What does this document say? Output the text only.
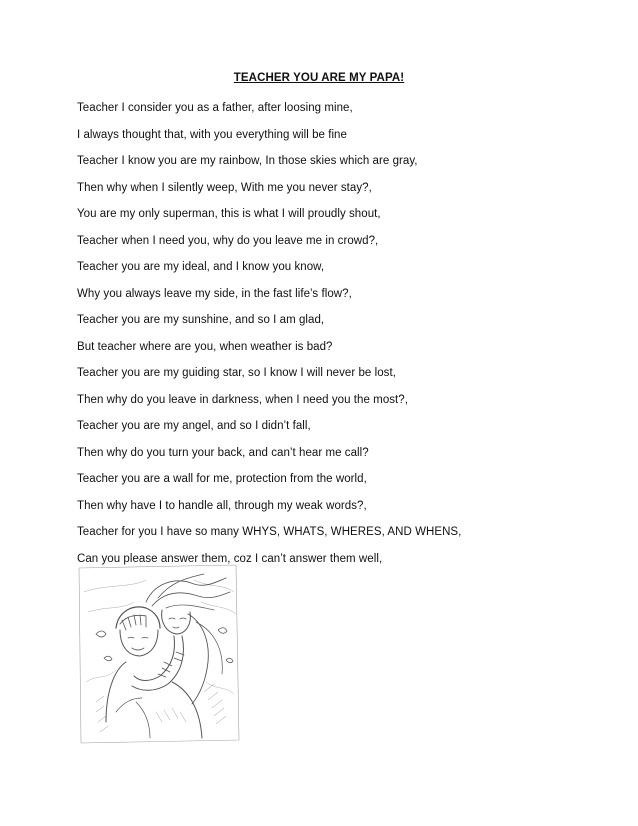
TEACHER YOU ARE MY PAPA!
Teacher I consider you as a father, after loosing mine,
I always thought that, with you everything will be fine
Teacher I know you are my rainbow, In those skies which are gray,
Then why when I silently weep, With me you never stay?,
You are my only superman, this is what I will proudly shout,
Teacher when I need you, why do you leave me in crowd?,
Teacher you are my ideal, and I know you know,
Why you always leave my side, in the fast life’s flow?,
Teacher you are my sunshine, and so I am glad,
But teacher where are you, when weather is bad?
Teacher you are my guiding star, so I know I will never be lost,
Then why do you leave in darkness, when I need you the most?,
Teacher you are my angel, and so I didn’t fall,
Then why do you turn your back, and can’t hear me call?
Teacher you are a wall for me, protection from the world,
Then why have I to handle all, through my weak words?,
Teacher for you I have so many WHYS, WHATS, WHERES, AND WHENS,
Can you please answer them, coz I can’t answer them well,
